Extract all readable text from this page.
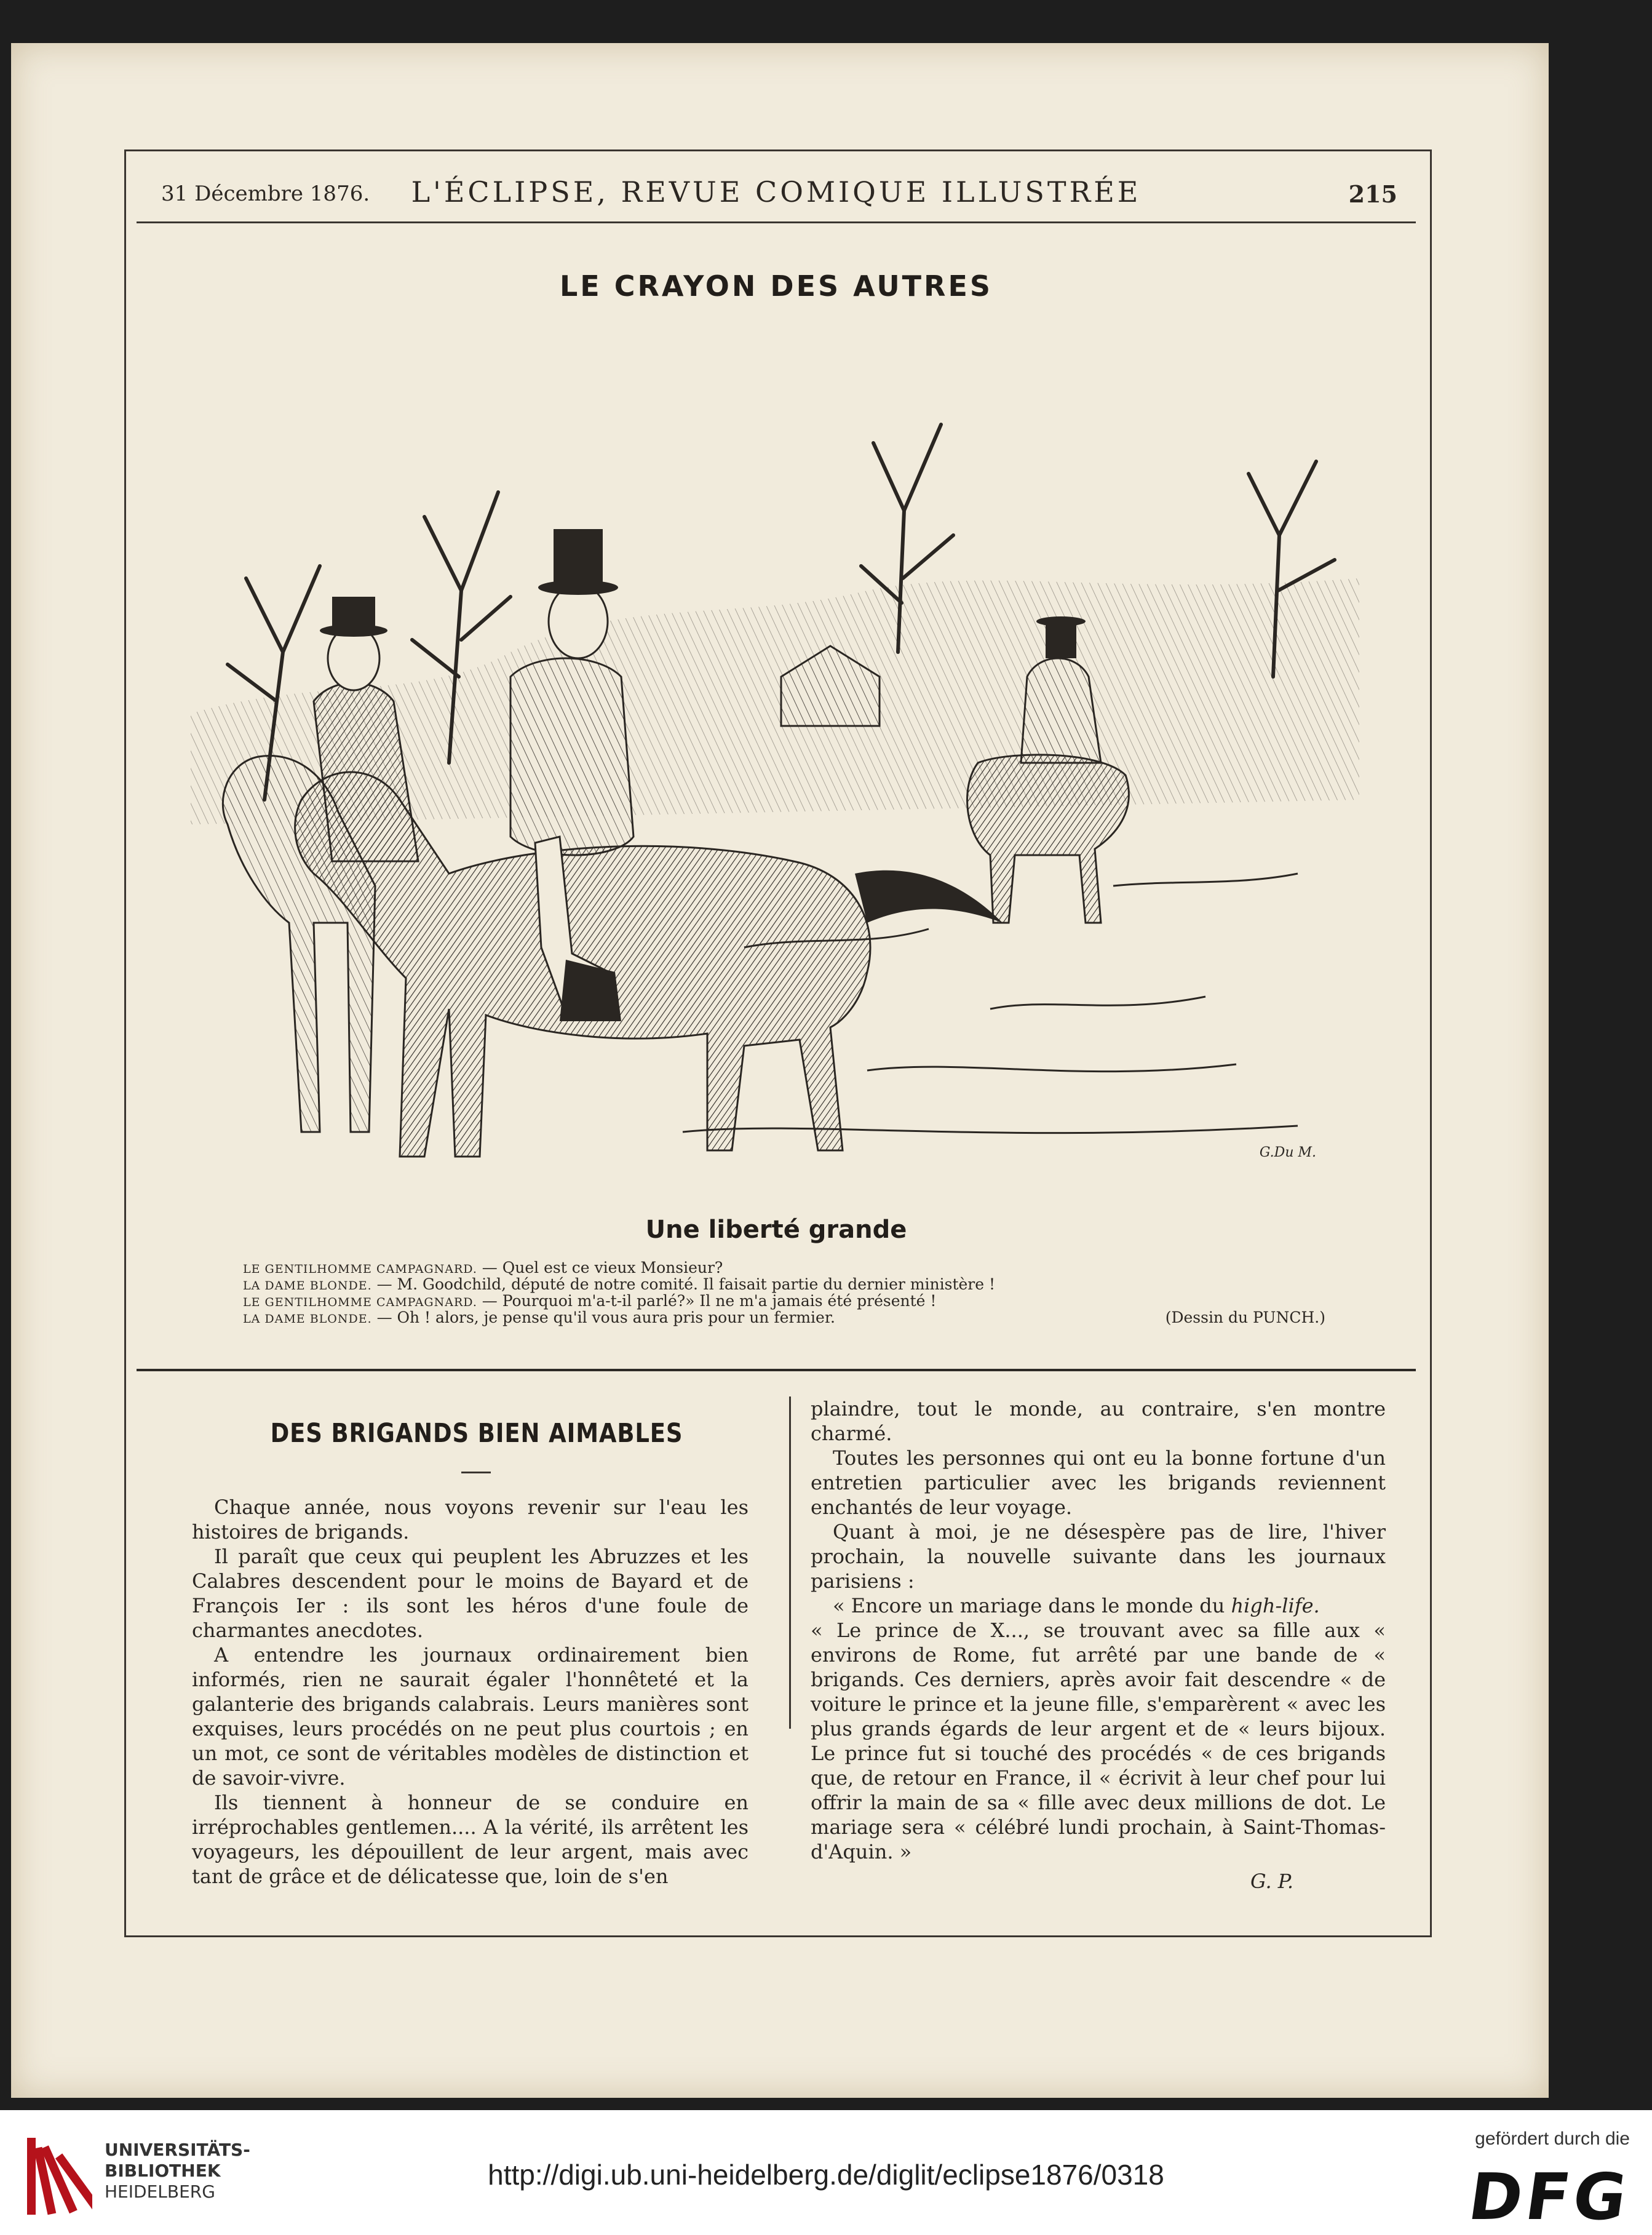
31 Décembre 1876.	L'ÉCLIPSE, REVUE COMIQUE ILLUSTRÉE	215
LE CRAYON DES AUTRES
G.Du M.
Une liberté grande
LE GENTILHOMME CAMPAGNARD. — Quel est ce vieux Monsieur?
LA DAME BLONDE. — M. Goodchild, député de notre comité. Il faisait partie du dernier ministère !
LE GENTILHOMME CAMPAGNARD. — Pourquoi m'a-t-il parlé?» Il ne m'a jamais été présenté !
LA DAME BLONDE. — Oh ! alors, je pense qu'il vous aura pris pour un fermier.	(Dessin du PUNCH.)
DES BRIGANDS BIEN AIMABLES

Chaque année, nous voyons revenir sur l'eau les histoires de brigands.

Il paraît que ceux qui peuplent les Abruzzes et les Calabres descendent pour le moins de Bayard et de François Ier : ils sont les héros d'une foule de charmantes anecdotes.

A entendre les journaux ordinairement bien informés, rien ne saurait égaler l'honnêteté et la galanterie des brigands calabrais. Leurs manières sont exquises, leurs procédés on ne peut plus courtois ; en un mot, ce sont de véritables modèles de distinction et de savoir-vivre.

Ils tiennent à honneur de se conduire en irréprochables gentlemen.... A la vérité, ils arrêtent les voyageurs, les dépouillent de leur argent, mais avec tant de grâce et de délicatesse que, loin de s'en

plaindre, tout le monde, au contraire, s'en montre charmé.

Toutes les personnes qui ont eu la bonne fortune d'un entretien particulier avec les brigands reviennent enchantés de leur voyage.

Quant à moi, je ne désespère pas de lire, l'hiver prochain, la nouvelle suivante dans les journaux parisiens :

« Encore un mariage dans le monde du high-life.

« Le prince de X..., se trouvant avec sa fille aux « environs de Rome, fut arrêté par une bande de « brigands. Ces derniers, après avoir fait descendre « de voiture le prince et la jeune fille, s'emparèrent « avec les plus grands égards de leur argent et de « leurs bijoux. Le prince fut si touché des procédés « de ces brigands que, de retour en France, il « écrivit à leur chef pour lui offrir la main de sa « fille avec deux millions de dot. Le mariage sera « célébré lundi prochain, à Saint-Thomas-d'Aquin. »

G. P.
UNIVERSITÄTS-
BIBLIOTHEK
HEIDELBERG
http://digi.ub.uni-heidelberg.de/diglit/eclipse1876/0318
gefördert durch die
DFG
